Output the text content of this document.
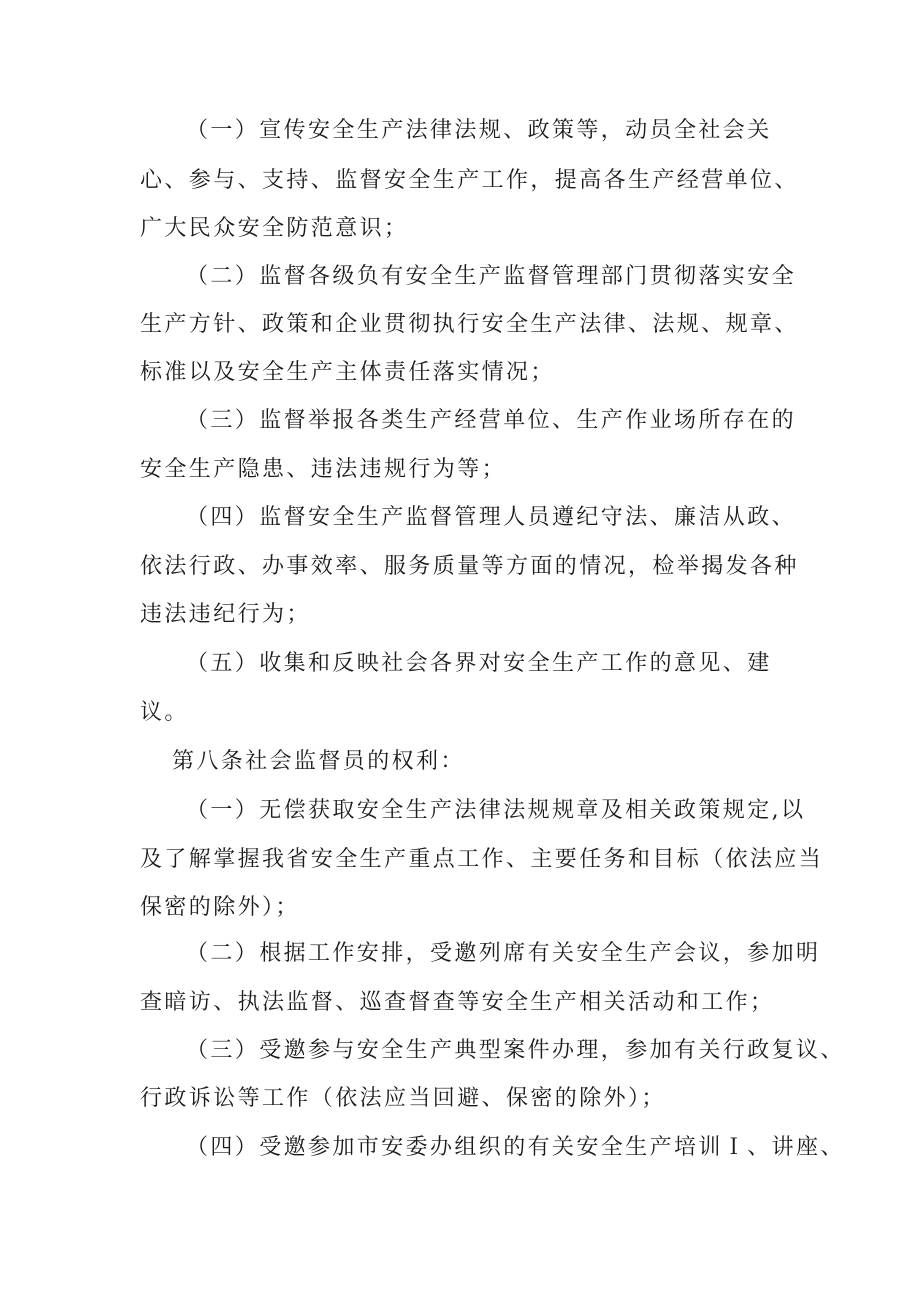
（一）宣传安全生产法律法规、政策等，动员全社会关
心、参与、支持、监督安全生产工作，提高各生产经营单位、
广大民众安全防范意识；
（二）监督各级负有安全生产监督管理部门贯彻落实安全
生产方针、政策和企业贯彻执行安全生产法律、法规、规章、
标准以及安全生产主体责任落实情况；
（三）监督举报各类生产经营单位、生产作业场所存在的
安全生产隐患、违法违规行为等；
（四）监督安全生产监督管理人员遵纪守法、廉洁从政、
依法行政、办事效率、服务质量等方面的情况，检举揭发各种
违法违纪行为；
（五）收集和反映社会各界对安全生产工作的意见、建
议。
第八条社会监督员的权利：
（一）无偿获取安全生产法律法规规章及相关政策规定,以
及了解掌握我省安全生产重点工作、主要任务和目标（依法应当
保密的除外）；
（二）根据工作安排，受邀列席有关安全生产会议，参加明
查暗访、执法监督、巡查督查等安全生产相关活动和工作；
（三）受邀参与安全生产典型案件办理，参加有关行政复议、
行政诉讼等工作（依法应当回避、保密的除外）；
（四）受邀参加市安委办组织的有关安全生产培训Ｉ、讲座、
